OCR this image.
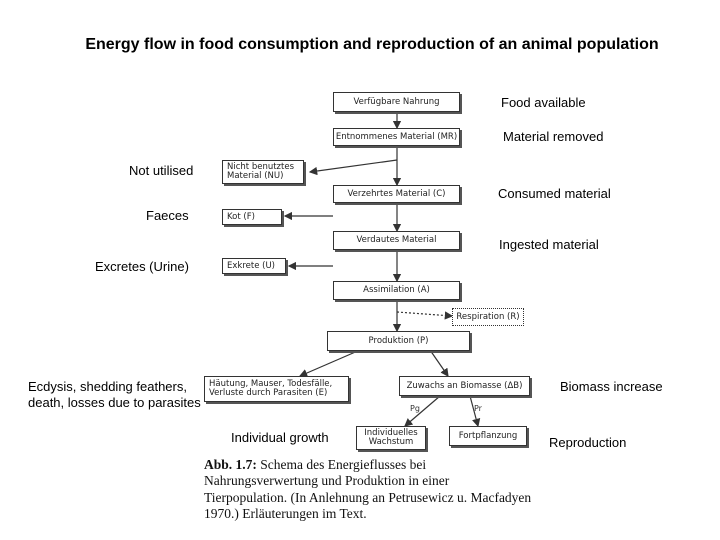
Energy flow in food consumption and reproduction of an animal population
Verfügbare Nahrung
Entnommenes Material (MR)
Nicht benutztes Material (NU)
Verzehrtes Material (C)
Kot (F)
Verdautes Material
Exkrete (U)
Assimilation (A)
Respiration (R)
Produktion (P)
Häutung, Mauser, Todesfälle, Verluste durch Parasiten (E)
Zuwachs an Biomasse (ΔB)
Individuelles Wachstum
Fortpflanzung
Pg	Pr
Food available
Material removed
Not utilised
Consumed material
Faeces
Ingested material
Excretes (Urine)
Ecdysis, shedding feathers, death, losses due to parasites
Biomass increase
Individual growth	Reproduction
Abb. 1.7: Schema des Energieflusses bei Nahrungsverwertung und Produktion in einer Tierpopulation. (In Anlehnung an Petrusewicz u. Macfadyen 1970.) Erläuterungen im Text.
